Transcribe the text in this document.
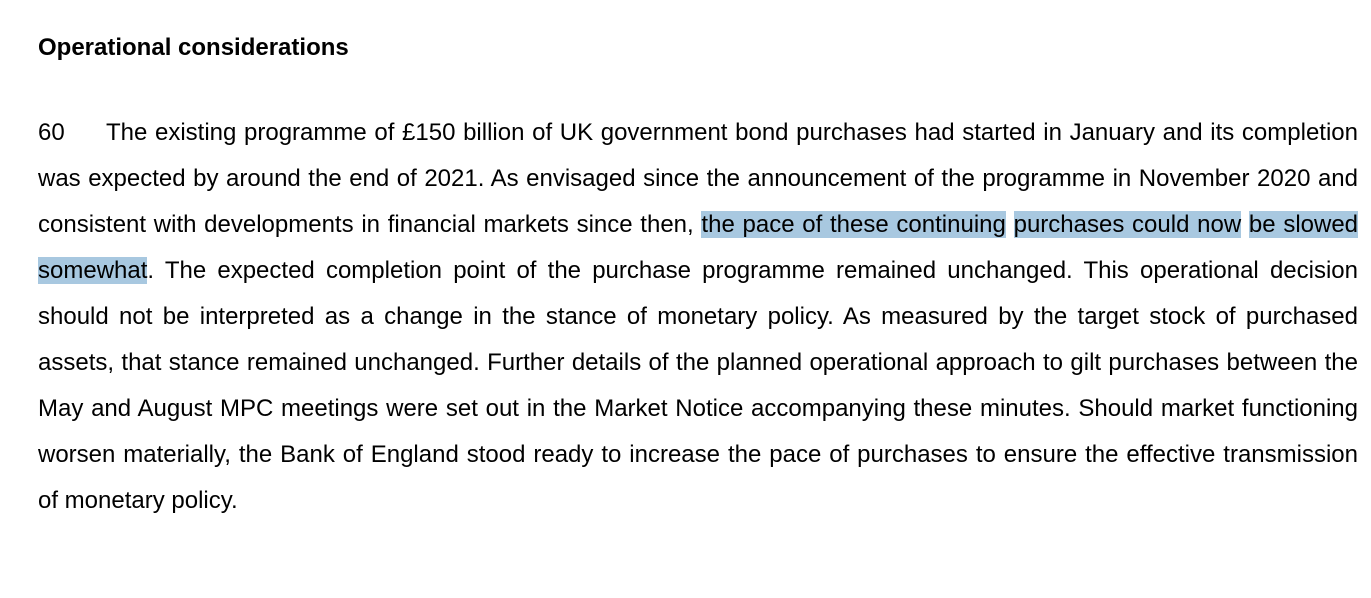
Operational considerations

60 The existing programme of £150 billion of UK government bond purchases had started in January and its completion was expected by around the end of 2021. As envisaged since the announcement of the programme in November 2020 and consistent with developments in financial markets since then, the pace of these continuing purchases could now be slowed somewhat. The expected completion point of the purchase programme remained unchanged. This operational decision should not be interpreted as a change in the stance of monetary policy. As measured by the target stock of purchased assets, that stance remained unchanged. Further details of the planned operational approach to gilt purchases between the May and August MPC meetings were set out in the Market Notice accompanying these minutes. Should market functioning worsen materially, the Bank of England stood ready to increase the pace of purchases to ensure the effective transmission of monetary policy.
